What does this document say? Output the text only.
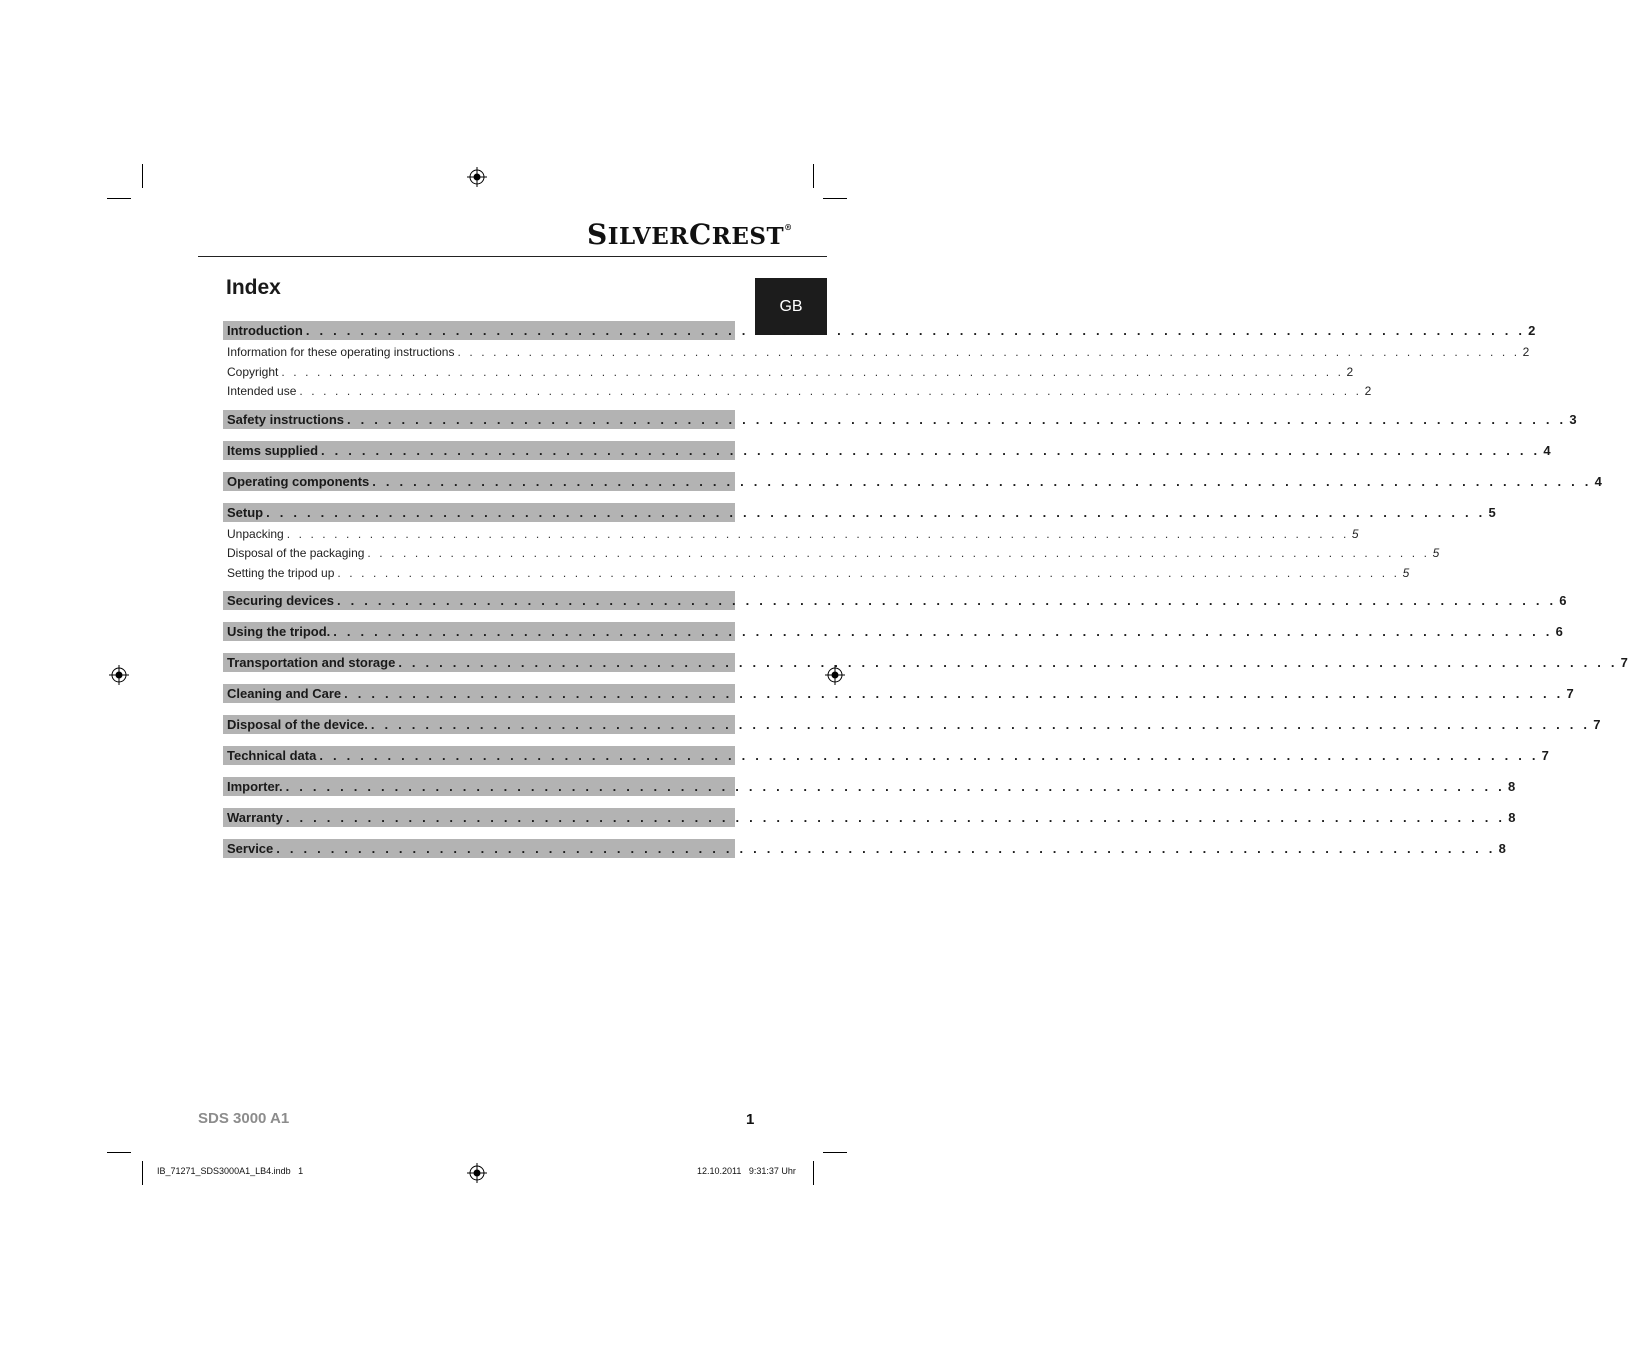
SILVERCREST®
GB
Index
Introduction . . . . . . . . . . . . . . . . . . . . . . . . . . . . . . . . . . . . . . . . . . . . . . . . . . . . . . . . . . . . . . . . . . . . . . . . . . . . . . . . . . . . . . . . . . 2
Information for these operating instructions . . . . . . . . . . . . . . . . . . . . . . . . . . . . . . . . . . . . . . . . . . . . . . . . . . . . . . . . . . . . . . . . . . . . . . . . . . . . . . . . . . . . . . . . . . 2
Copyright . . . . . . . . . . . . . . . . . . . . . . . . . . . . . . . . . . . . . . . . . . . . . . . . . . . . . . . . . . . . . . . . . . . . . . . . . . . . . . . . . . . . . . . . . . 2
Intended use . . . . . . . . . . . . . . . . . . . . . . . . . . . . . . . . . . . . . . . . . . . . . . . . . . . . . . . . . . . . . . . . . . . . . . . . . . . . . . . . . . . . . . . . . . 2
Safety instructions . . . . . . . . . . . . . . . . . . . . . . . . . . . . . . . . . . . . . . . . . . . . . . . . . . . . . . . . . . . . . . . . . . . . . . . . . . . . . . . . . . . . . . . . . . 3
Items supplied . . . . . . . . . . . . . . . . . . . . . . . . . . . . . . . . . . . . . . . . . . . . . . . . . . . . . . . . . . . . . . . . . . . . . . . . . . . . . . . . . . . . . . . . . . 4
Operating components . . . . . . . . . . . . . . . . . . . . . . . . . . . . . . . . . . . . . . . . . . . . . . . . . . . . . . . . . . . . . . . . . . . . . . . . . . . . . . . . . . . . . . . . . . 4
Setup . . . . . . . . . . . . . . . . . . . . . . . . . . . . . . . . . . . . . . . . . . . . . . . . . . . . . . . . . . . . . . . . . . . . . . . . . . . . . . . . . . . . . . . . . . 5
Unpacking . . . . . . . . . . . . . . . . . . . . . . . . . . . . . . . . . . . . . . . . . . . . . . . . . . . . . . . . . . . . . . . . . . . . . . . . . . . . . . . . . . . . . . . . . . 5
Disposal of the packaging . . . . . . . . . . . . . . . . . . . . . . . . . . . . . . . . . . . . . . . . . . . . . . . . . . . . . . . . . . . . . . . . . . . . . . . . . . . . . . . . . . . . . . . . . . 5
Setting the tripod up . . . . . . . . . . . . . . . . . . . . . . . . . . . . . . . . . . . . . . . . . . . . . . . . . . . . . . . . . . . . . . . . . . . . . . . . . . . . . . . . . . . . . . . . . . 5
Securing devices . . . . . . . . . . . . . . . . . . . . . . . . . . . . . . . . . . . . . . . . . . . . . . . . . . . . . . . . . . . . . . . . . . . . . . . . . . . . . . . . . . . . . . . . . . 6
Using the tripod. . . . . . . . . . . . . . . . . . . . . . . . . . . . . . . . . . . . . . . . . . . . . . . . . . . . . . . . . . . . . . . . . . . . . . . . . . . . . . . . . . . . . . . . . . . 6
Transportation and storage . . . . . . . . . . . . . . . . . . . . . . . . . . . . . . . . . . . . . . . . . . . . . . . . . . . . . . . . . . . . . . . . . . . . . . . . . . . . . . . . . . . . . . . . . . 7
Cleaning and Care . . . . . . . . . . . . . . . . . . . . . . . . . . . . . . . . . . . . . . . . . . . . . . . . . . . . . . . . . . . . . . . . . . . . . . . . . . . . . . . . . . . . . . . . . . 7
Disposal of the device. . . . . . . . . . . . . . . . . . . . . . . . . . . . . . . . . . . . . . . . . . . . . . . . . . . . . . . . . . . . . . . . . . . . . . . . . . . . . . . . . . . . . . . . . . . 7
Technical data . . . . . . . . . . . . . . . . . . . . . . . . . . . . . . . . . . . . . . . . . . . . . . . . . . . . . . . . . . . . . . . . . . . . . . . . . . . . . . . . . . . . . . . . . . 7
Importer. . . . . . . . . . . . . . . . . . . . . . . . . . . . . . . . . . . . . . . . . . . . . . . . . . . . . . . . . . . . . . . . . . . . . . . . . . . . . . . . . . . . . . . . . . . 8
Warranty . . . . . . . . . . . . . . . . . . . . . . . . . . . . . . . . . . . . . . . . . . . . . . . . . . . . . . . . . . . . . . . . . . . . . . . . . . . . . . . . . . . . . . . . . . 8
Service . . . . . . . . . . . . . . . . . . . . . . . . . . . . . . . . . . . . . . . . . . . . . . . . . . . . . . . . . . . . . . . . . . . . . . . . . . . . . . . . . . . . . . . . . . 8
SDS 3000 A1	1
IB_71271_SDS3000A1_LB4.indb   1	12.10.2011   9:31:37 Uhr
